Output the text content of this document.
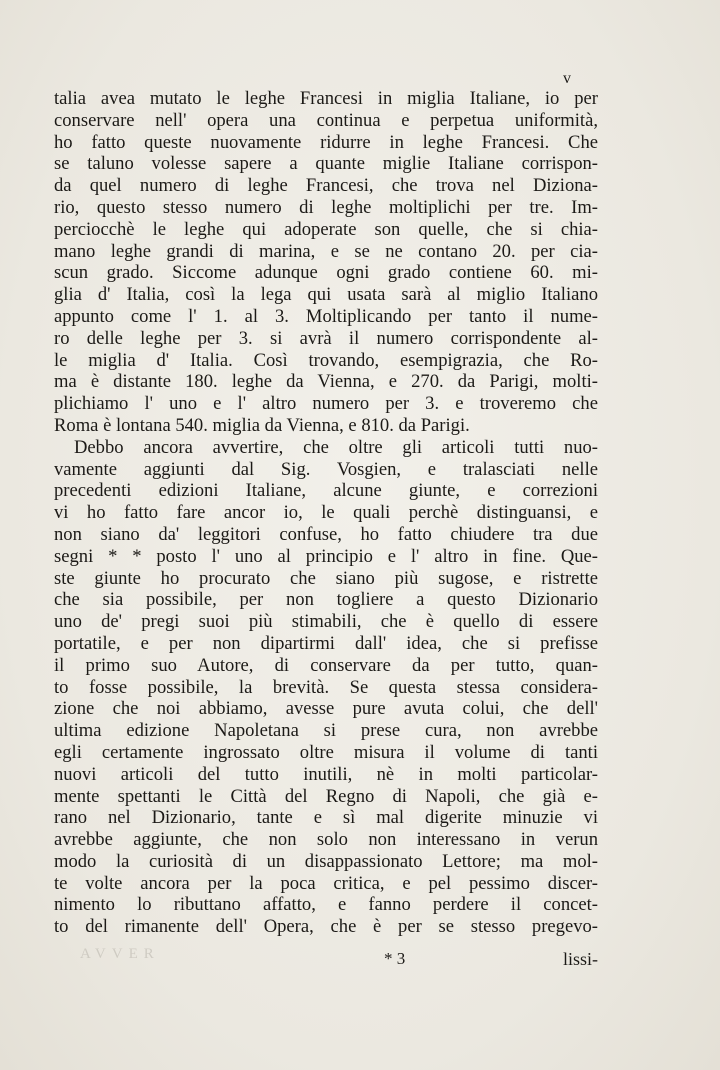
v
talia avea mutato le leghe Francesi in miglia Italiane, io per
conservare nell' opera una continua e perpetua uniformità,
ho fatto queste nuovamente ridurre in leghe Francesi. Che
se taluno volesse sapere a quante miglie Italiane corrispon-
da quel numero di leghe Francesi, che trova nel Diziona-
rio, questo stesso numero di leghe moltiplichi per tre. Im-
perciocchè le leghe qui adoperate son quelle, che si chia-
mano leghe grandi di marina, e se ne contano 20. per cia-
scun grado. Siccome adunque ogni grado contiene 60. mi-
glia d' Italia, così la lega qui usata sarà al miglio Italiano
appunto come l' 1. al 3. Moltiplicando per tanto il nume-
ro delle leghe per 3. si avrà il numero corrispondente al-
le miglia d' Italia. Così trovando, esempigrazia, che Ro-
ma è distante 180. leghe da Vienna, e 270. da Parigi, molti-
plichiamo l' uno e l' altro numero per 3. e troveremo che
Roma è lontana 540. miglia da Vienna, e 810. da Parigi.
Debbo ancora avvertire, che oltre gli articoli tutti nuo-
vamente aggiunti dal Sig. Vosgien, e tralasciati nelle
precedenti edizioni Italiane, alcune giunte, e correzioni
vi ho fatto fare ancor io, le quali perchè distinguansi, e
non siano da' leggitori confuse, ho fatto chiudere tra due
segni * * posto l' uno al principio e l' altro in fine. Que-
ste giunte ho procurato che siano più sugose, e ristrette
che sia possibile, per non togliere a questo Dizionario
uno de' pregi suoi più stimabili, che è quello di essere
portatile, e per non dipartirmi dall' idea, che si prefisse
il primo suo Autore, di conservare da per tutto, quan-
to fosse possibile, la brevità. Se questa stessa considera-
zione che noi abbiamo, avesse pure avuta colui, che dell'
ultima edizione Napoletana si prese cura, non avrebbe
egli certamente ingrossato oltre misura il volume di tanti
nuovi articoli del tutto inutili, nè in molti particolar-
mente spettanti le Città del Regno di Napoli, che già e-
rano nel Dizionario, tante e sì mal digerite minuzie vi
avrebbe aggiunte, che non solo non interessano in verun
modo la curiosità di un disappassionato Lettore; ma mol-
te volte ancora per la poca critica, e pel pessimo discer-
nimento lo ributtano affatto, e fanno perdere il concet-
to del rimanente dell' Opera, che è per se stesso pregevo-
AVVER	* 3	lissi-
